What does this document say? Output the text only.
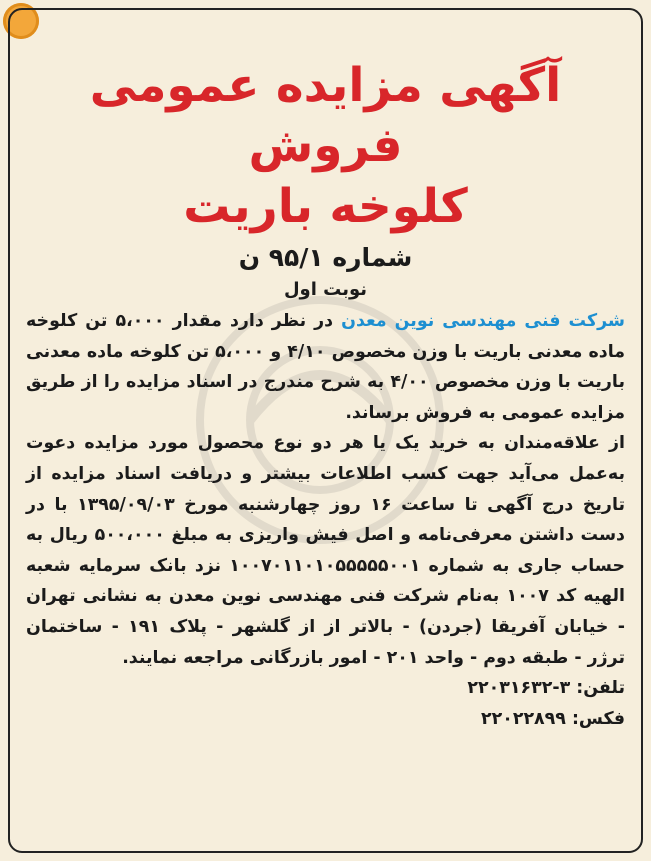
آگهی مزایده عمومی فروش
کلوخه باریت
شماره ۹۵/۱ ن
نوبت اول

شرکت فنی مهندسی نوین معدن در نظر دارد مقدار ۵،۰۰۰ تن کلوخه ماده معدنی باریت با وزن مخصوص ۴/۱۰ و ۵،۰۰۰ تن کلوخه ماده معدنی باریت با وزن مخصوص ۴/۰۰ به شرح مندرج در اسناد مزایده را از طریق مزایده عمومی به فروش برساند.

از علاقه‌مندان به خرید یک یا هر دو نوع محصول مورد مزایده دعوت به‌عمل می‌آید جهت کسب اطلاعات بیشتر و دریافت اسناد مزایده از تاریخ درج آگهی تا ساعت ۱۶ روز چهارشنبه مورخ ۱۳۹۵/۰۹/۰۳ با در دست داشتن معرفی‌نامه و اصل فیش واریزی به مبلغ ۵۰۰،۰۰۰ ریال به حساب جاری به شماره ۱۰۰۷۰۱۱۰۱۰۵۵۵۵۵۰۰۱ نزد بانک سرمایه شعبه الهیه کد ۱۰۰۷ به‌نام شرکت فنی مهندسی نوین معدن به نشانی تهران - خیابان آفریقا (جردن) - بالاتر از از گلشهر - پلاک ۱۹۱ - ساختمان ترژر - طبقه دوم - واحد ۲۰۱ - امور بازرگانی مراجعه نمایند.

تلفن: ۳-۲۲۰۳۱۶۳۲

فکس: ۲۲۰۲۲۸۹۹
